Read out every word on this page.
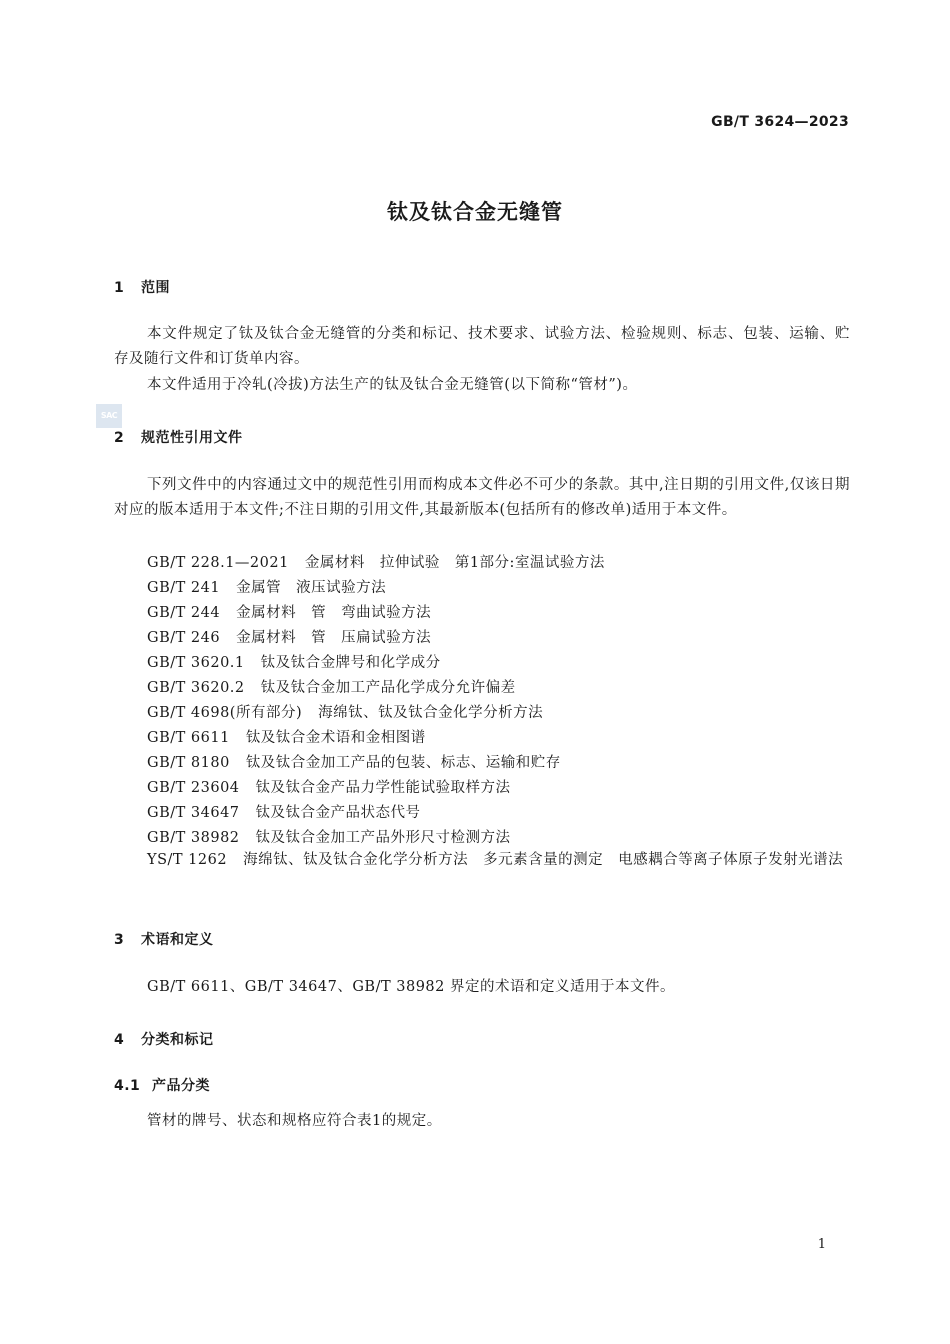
GB/T 3624—2023
钛及钛合金无缝管
1 范围
本文件规定了钛及钛合金无缝管的分类和标记、技术要求、试验方法、检验规则、标志、包装、运输、贮存及随行文件和订货单内容。
本文件适用于冷轧(冷拔)方法生产的钛及钛合金无缝管(以下简称“管材”)。
SAC
2 规范性引用文件
下列文件中的内容通过文中的规范性引用而构成本文件必不可少的条款。其中,注日期的引用文件,仅该日期对应的版本适用于本文件;不注日期的引用文件,其最新版本(包括所有的修改单)适用于本文件。
GB/T 228.1—2021 金属材料　拉伸试验　第1部分:室温试验方法
GB/T 241 金属管　液压试验方法
GB/T 244 金属材料　管　弯曲试验方法
GB/T 246 金属材料　管　压扁试验方法
GB/T 3620.1 钛及钛合金牌号和化学成分
GB/T 3620.2 钛及钛合金加工产品化学成分允许偏差
GB/T 4698(所有部分) 海绵钛、钛及钛合金化学分析方法
GB/T 6611 钛及钛合金术语和金相图谱
GB/T 8180 钛及钛合金加工产品的包装、标志、运输和贮存
GB/T 23604 钛及钛合金产品力学性能试验取样方法
GB/T 34647 钛及钛合金产品状态代号
GB/T 38982 钛及钛合金加工产品外形尺寸检测方法
YS/T 1262 海绵钛、钛及钛合金化学分析方法　多元素含量的测定　电感耦合等离子体原子发射光谱法
3 术语和定义
GB/T 6611、GB/T 34647、GB/T 38982 界定的术语和定义适用于本文件。
4 分类和标记
4.1 产品分类
管材的牌号、状态和规格应符合表1的规定。
1
